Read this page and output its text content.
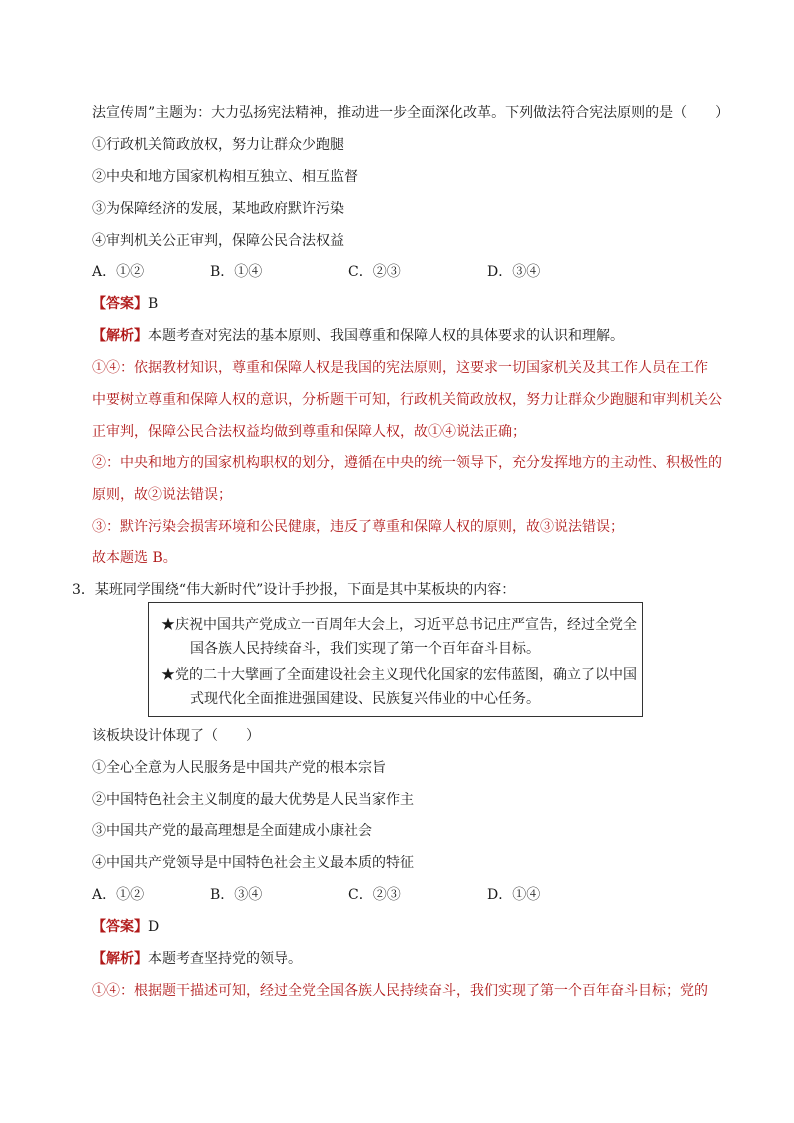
法宣传周”主题为：大力弘扬宪法精神，推动进一步全面深化改革。下列做法符合宪法原则的是（　　）
①行政机关简政放权，努力让群众少跑腿
②中央和地方国家机构相互独立、相互监督
③为保障经济的发展，某地政府默许污染
④审判机关公正审判，保障公民合法权益
A．①②	B．①④	C．②③	D．③④
【答案】B
【解析】本题考查对宪法的基本原则、我国尊重和保障人权的具体要求的认识和理解。
①④：依据教材知识，尊重和保障人权是我国的宪法原则，这要求一切国家机关及其工作人员在工作
中要树立尊重和保障人权的意识，分析题干可知，行政机关简政放权，努力让群众少跑腿和审判机关公
正审判，保障公民合法权益均做到尊重和保障人权，故①④说法正确；
②：中央和地方的国家机构职权的划分，遵循在中央的统一领导下，充分发挥地方的主动性、积极性的
原则，故②说法错误；
③：默许污染会损害环境和公民健康，违反了尊重和保障人权的原则，故③说法错误；
故本题选 B。
3．某班同学围绕“伟大新时代”设计手抄报，下面是其中某板块的内容：
★庆祝中国共产党成立一百周年大会上，习近平总书记庄严宣告，经过全党全
国各族人民持续奋斗，我们实现了第一个百年奋斗目标。
★党的二十大擘画了全面建设社会主义现代化国家的宏伟蓝图，确立了以中国
式现代化全面推进强国建设、民族复兴伟业的中心任务。
该板块设计体现了（　　）
①全心全意为人民服务是中国共产党的根本宗旨
②中国特色社会主义制度的最大优势是人民当家作主
③中国共产党的最高理想是全面建成小康社会
④中国共产党领导是中国特色社会主义最本质的特征
A．①②	B．③④	C．②③	D．①④
【答案】D
【解析】本题考查坚持党的领导。
①④：根据题干描述可知，经过全党全国各族人民持续奋斗，我们实现了第一个百年奋斗目标；党的
